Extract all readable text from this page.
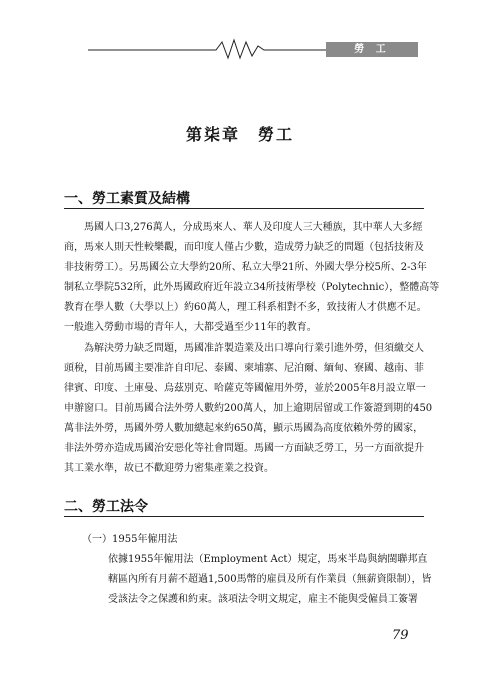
勞 工
第柒章　勞工
一、勞工素質及結構
　　馬國人口3,276萬人，分成馬來人、華人及印度人三大種族，其中華人大多經
商，馬來人則天性較樂觀，而印度人僅占少數，造成勞力缺乏的問題（包括技術及
非技術勞工）。另馬國公立大學約20所、私立大學21所、外國大學分校5所、2-3年
制私立學院532所，此外馬國政府近年設立34所技術學校（Polytechnic），整體高等
教育在學人數（大學以上）約60萬人，理工科系相對不多，致技術人才供應不足。
一般進入勞動市場的青年人，大都受過至少11年的教育。
　　為解決勞力缺乏問題，馬國准許製造業及出口導向行業引進外勞，但須繳交人
頭稅，目前馬國主要准許自印尼、泰國、柬埔寨、尼泊爾、緬甸、寮國、越南、菲
律賓、印度、土庫曼、烏茲別克、哈薩克等國僱用外勞，並於2005年8月設立單一
申辦窗口。目前馬國合法外勞人數約200萬人，加上逾期居留或工作簽證到期的450
萬非法外勞，馬國外勞人數加總起來約650萬，顯示馬國為高度依賴外勞的國家，
非法外勞亦造成馬國治安惡化等社會問題。馬國一方面缺乏勞工，另一方面欲提升
其工業水準，故已不歡迎勞力密集產業之投資。
二、勞工法令
（一）1955年僱用法
依據1955年僱用法（Employment Act）規定，馬來半島與納閩聯邦直
轄區內所有月薪不超過1,500馬幣的雇員及所有作業員（無薪資限制），皆
受該法令之保護和約束。該項法令明文規定，雇主不能與受僱員工簽署
79
